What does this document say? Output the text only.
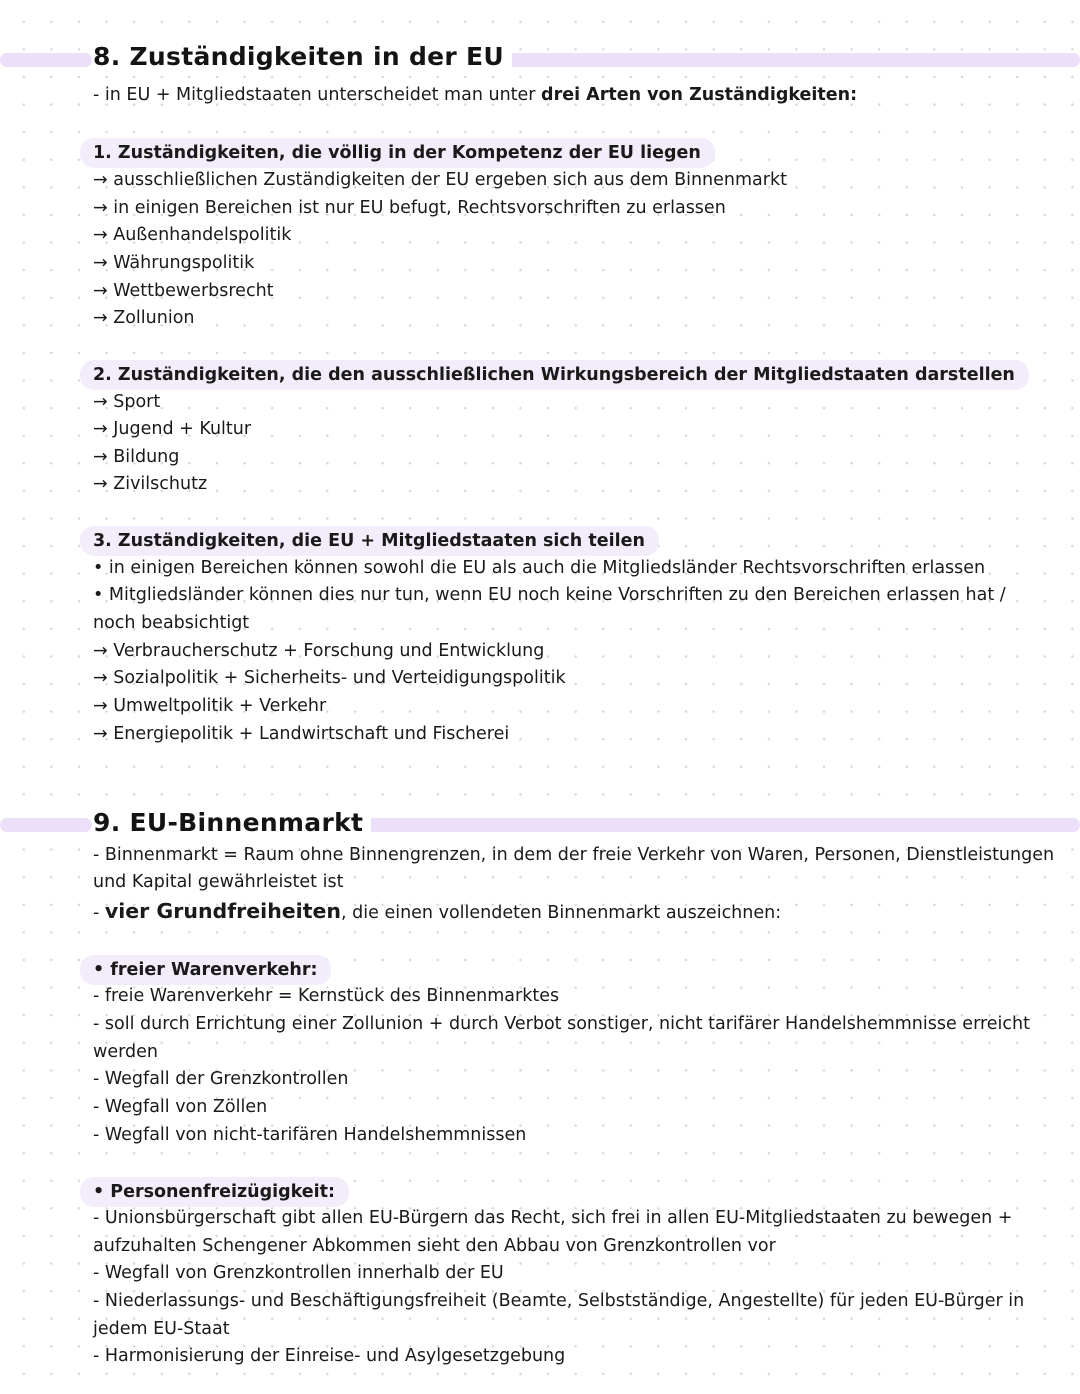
8. Zuständigkeiten in der EU
- in EU + Mitgliedstaaten unterscheidet man unter drei Arten von Zuständigkeiten:
1. Zuständigkeiten, die völlig in der Kompetenz der EU liegen
→ ausschließlichen Zuständigkeiten der EU ergeben sich aus dem Binnenmarkt
→ in einigen Bereichen ist nur EU befugt, Rechtsvorschriften zu erlassen
→ Außenhandelspolitik
→ Währungspolitik
→ Wettbewerbsrecht
→ Zollunion
2. Zuständigkeiten, die den ausschließlichen Wirkungsbereich der Mitgliedstaaten darstellen
→ Sport
→ Jugend + Kultur
→ Bildung
→ Zivilschutz
3. Zuständigkeiten, die EU + Mitgliedstaaten sich teilen
• in einigen Bereichen können sowohl die EU als auch die Mitgliedsländer Rechtsvorschriften erlassen
• Mitgliedsländer können dies nur tun, wenn EU noch keine Vorschriften zu den Bereichen erlassen hat /
noch beabsichtigt
→ Verbraucherschutz + Forschung und Entwicklung
→ Sozialpolitik + Sicherheits- und Verteidigungspolitik
→ Umweltpolitik + Verkehr
→ Energiepolitik + Landwirtschaft und Fischerei
9. EU-Binnenmarkt
- Binnenmarkt = Raum ohne Binnengrenzen, in dem der freie Verkehr von Waren, Personen, Dienstleistungen
und Kapital gewährleistet ist
- vier Grundfreiheiten, die einen vollendeten Binnenmarkt auszeichnen:
• freier Warenverkehr:
- freie Warenverkehr = Kernstück des Binnenmarktes
- soll durch Errichtung einer Zollunion + durch Verbot sonstiger, nicht tarifärer Handelshemmnisse erreicht
werden
- Wegfall der Grenzkontrollen
- Wegfall von Zöllen
- Wegfall von nicht-tarifären Handelshemmnissen
• Personenfreizügigkeit:
- Unionsbürgerschaft gibt allen EU-Bürgern das Recht, sich frei in allen EU-Mitgliedstaaten zu bewegen +
aufzuhalten Schengener Abkommen sieht den Abbau von Grenzkontrollen vor
- Wegfall von Grenzkontrollen innerhalb der EU
- Niederlassungs- und Beschäftigungsfreiheit (Beamte, Selbstständige, Angestellte) für jeden EU-Bürger in
jedem EU-Staat
- Harmonisierung der Einreise- und Asylgesetzgebung
